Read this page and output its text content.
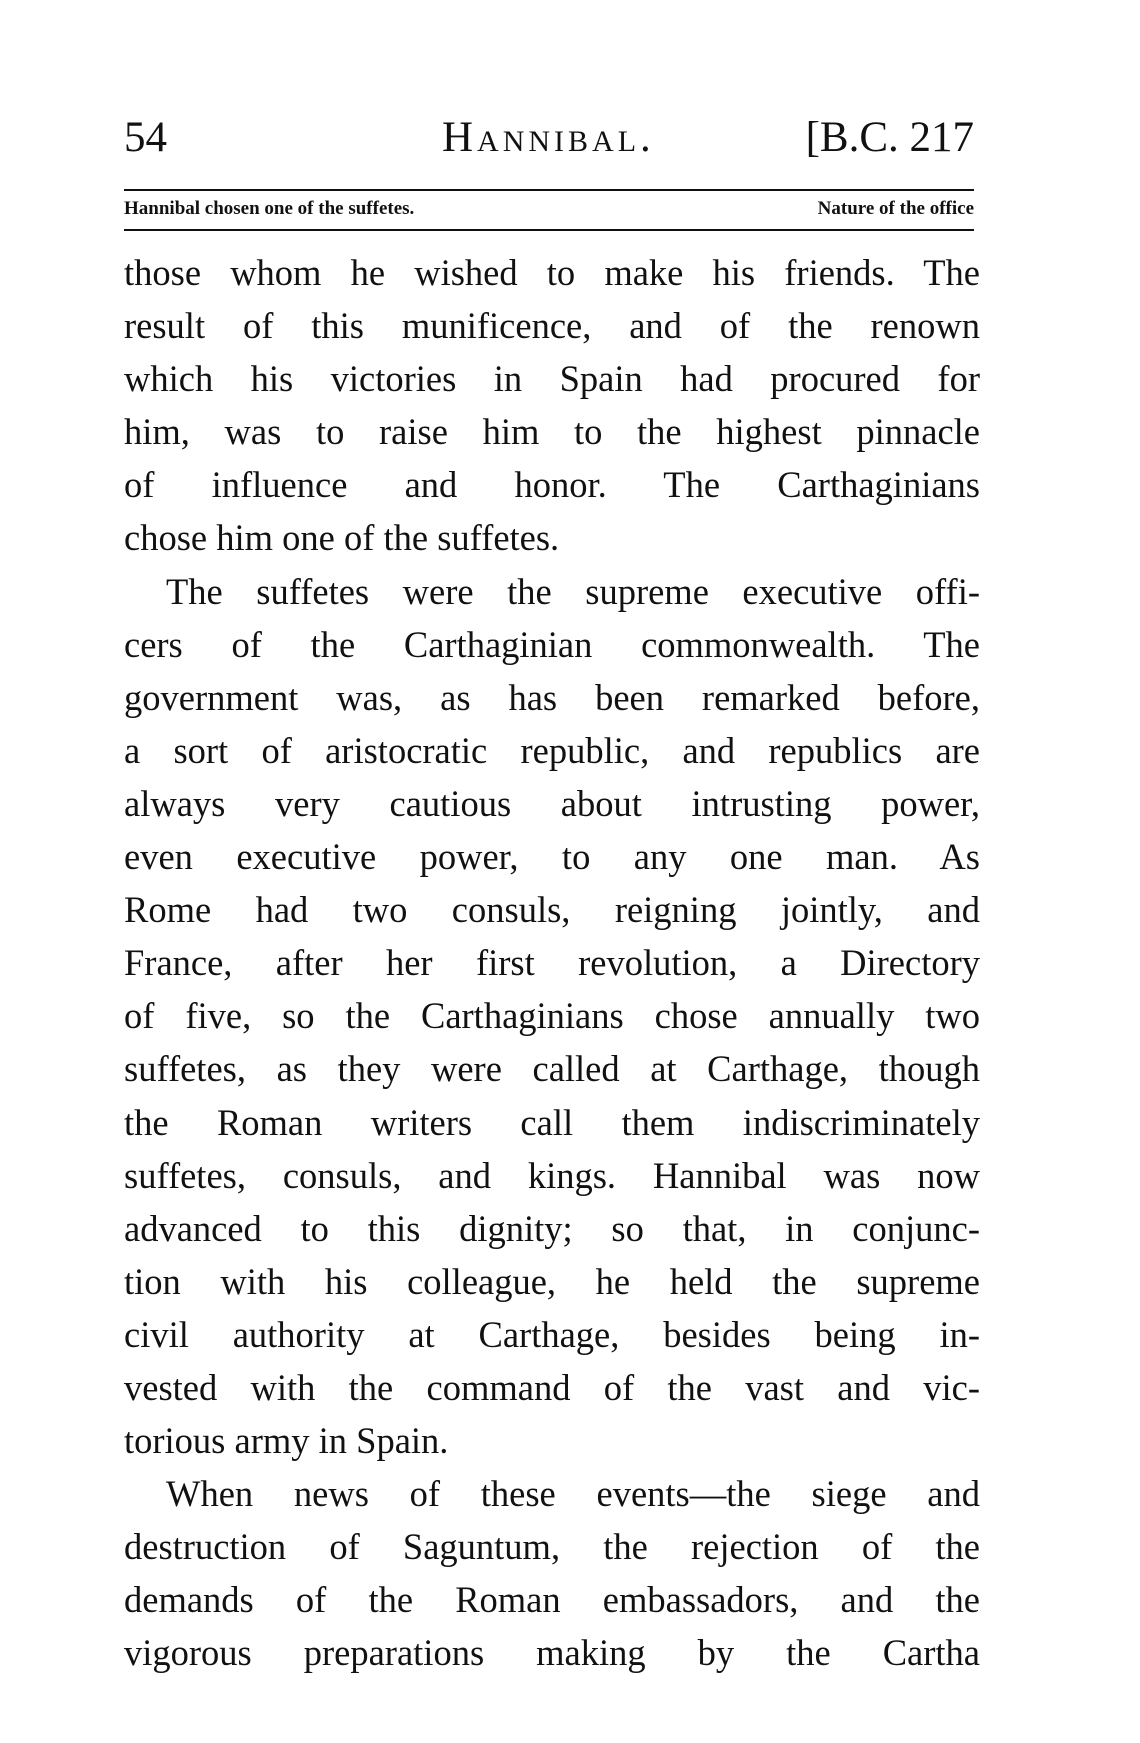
54	Hannibal.	[B.C. 217
Hannibal chosen one of the suffetes.	Nature of the office
those whom he wished to make his friends. The
result of this munificence, and of the renown
which his victories in Spain had procured for
him, was to raise him to the highest pinnacle
of influence and honor. The Carthaginians
chose him one of the suffetes.
The suffetes were the supreme executive offi-
cers of the Carthaginian commonwealth. The
government was, as has been remarked before,
a sort of aristocratic republic, and republics are
always very cautious about intrusting power,
even executive power, to any one man. As
Rome had two consuls, reigning jointly, and
France, after her first revolution, a Directory
of five, so the Carthaginians chose annually two
suffetes, as they were called at Carthage, though
the Roman writers call them indiscriminately
suffetes, consuls, and kings. Hannibal was now
advanced to this dignity; so that, in conjunc-
tion with his colleague, he held the supreme
civil authority at Carthage, besides being in-
vested with the command of the vast and vic-
torious army in Spain.
When news of these events—the siege and
destruction of Saguntum, the rejection of the
demands of the Roman embassadors, and the
vigorous preparations making by the Cartha
